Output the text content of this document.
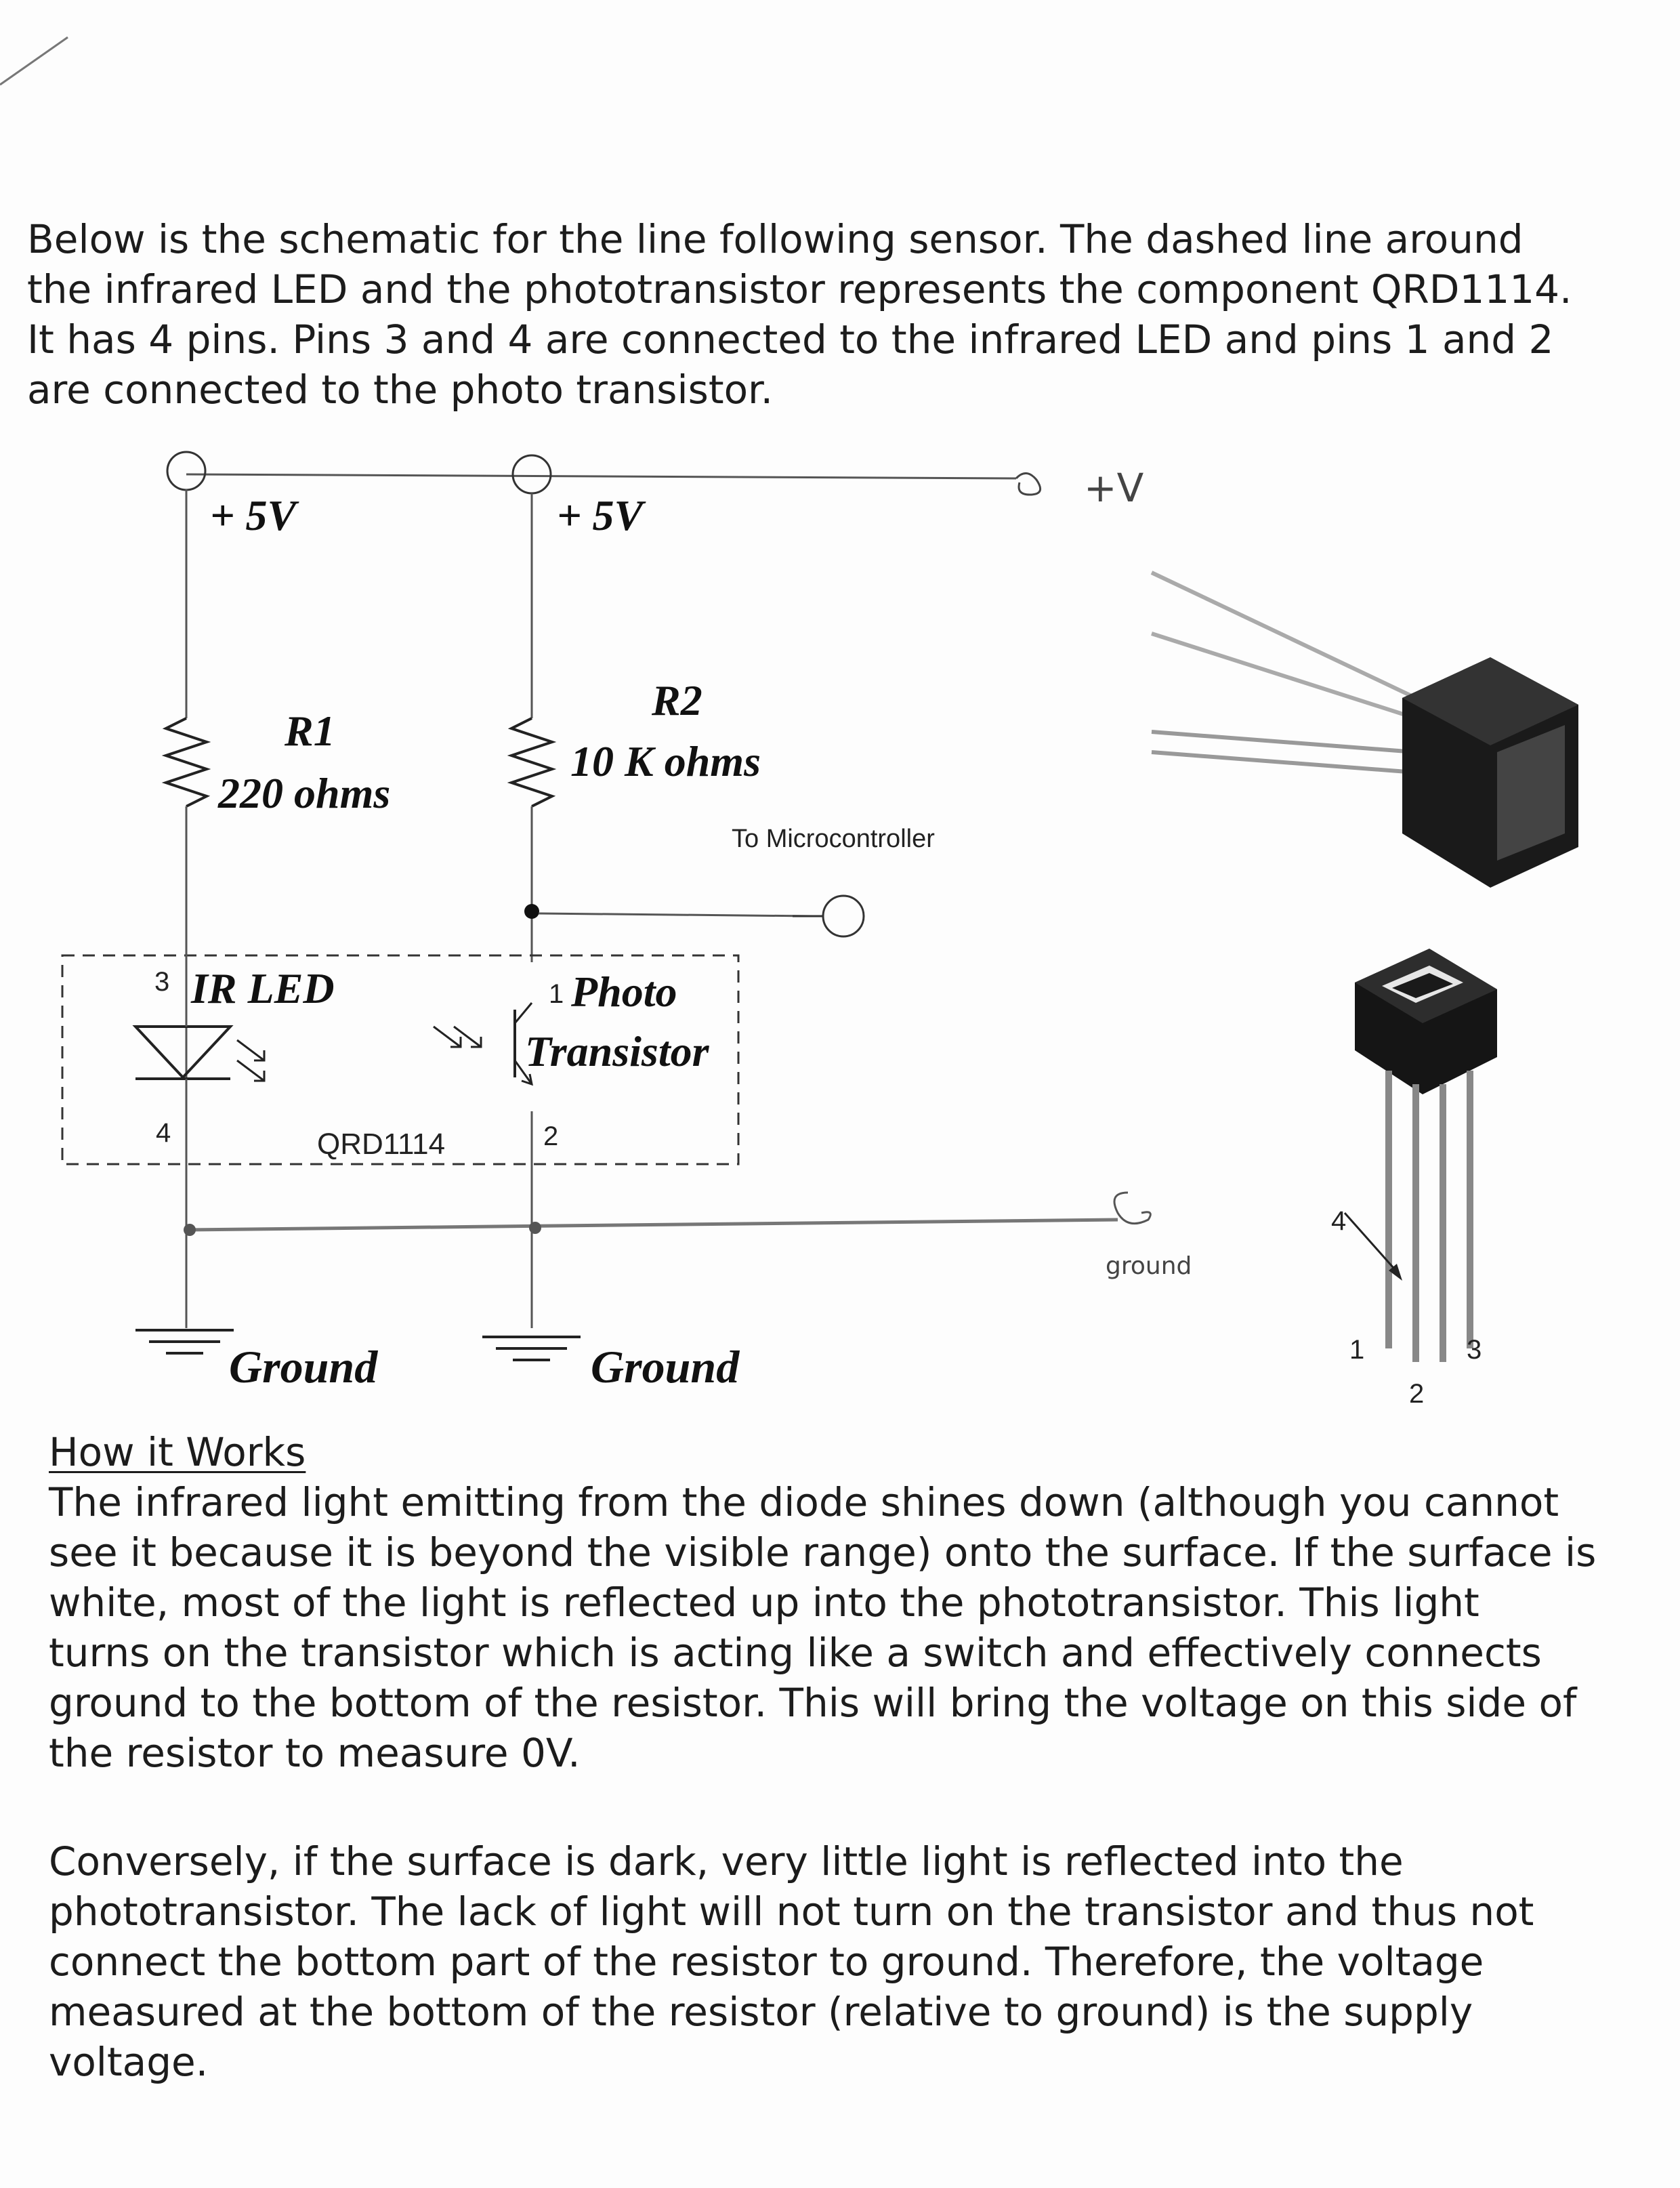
Below is the schematic for the line following sensor. The dashed line around
the infrared LED and the phototransistor represents the component QRD1114.
It has 4 pins. Pins 3 and 4 are connected to the infrared LED and pins 1 and 2
are connected to the photo transistor.
+V
To Microcontroller
ground
+ 5V	+ 5V
R1
220 ohms
R2
10 K ohms
3 IR LED
4
1 Photo
Transistor
QRD1114	2
Ground	Ground
4
1
2
3
How it Works
The infrared light emitting from the diode shines down (although you cannot
see it because it is beyond the visible range) onto the surface. If the surface is
white, most of the light is reflected up into the phototransistor. This light
turns on the transistor which is acting like a switch and effectively connects
ground to the bottom of the resistor. This will bring the voltage on this side of
the resistor to measure 0V.
Conversely, if the surface is dark, very little light is reflected into the
phototransistor. The lack of light will not turn on the transistor and thus not
connect the bottom part of the resistor to ground. Therefore, the voltage
measured at the bottom of the resistor (relative to ground) is the supply
voltage.
